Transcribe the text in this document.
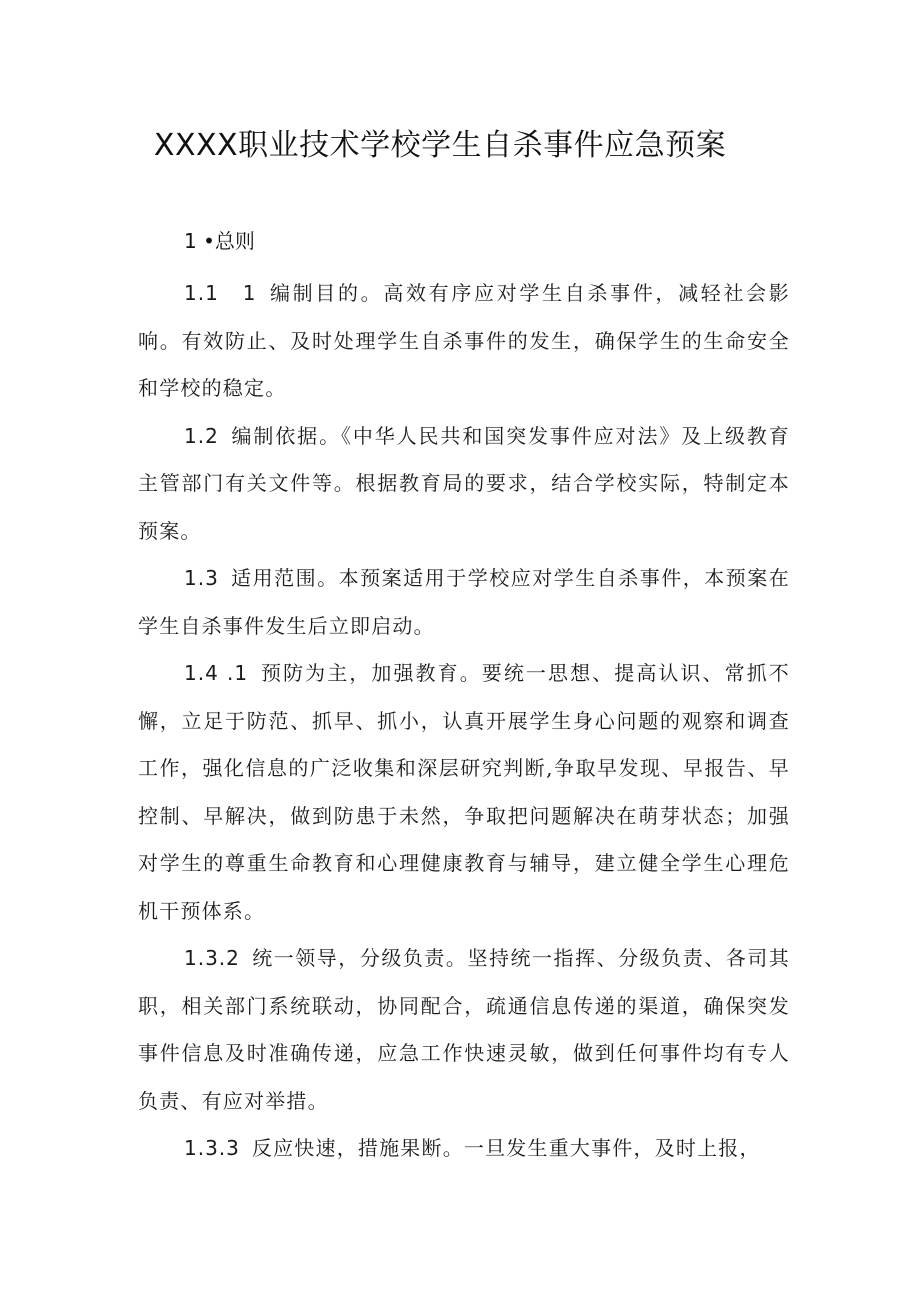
XXXX职业技术学校学生自杀事件应急预案
1 •总则

1.1　1 编制目的。高效有序应对学生自杀事件，减轻社会影响。有效防止、及时处理学生自杀事件的发生，确保学生的生命安全和学校的稳定。

1.2 编制依据。《中华人民共和国突发事件应对法》及上级教育主管部门有关文件等。根据教育局的要求，结合学校实际，特制定本预案。

1.3 适用范围。本预案适用于学校应对学生自杀事件，本预案在学生自杀事件发生后立即启动。

1.4 .1 预防为主，加强教育。要统一思想、提高认识、常抓不懈，立足于防范、抓早、抓小，认真开展学生身心问题的观察和调查工作，强化信息的广泛收集和深层研究判断,争取早发现、早报告、早控制、早解决，做到防患于未然，争取把问题解决在萌芽状态；加强对学生的尊重生命教育和心理健康教育与辅导，建立健全学生心理危机干预体系。

1.3.2 统一领导，分级负责。坚持统一指挥、分级负责、各司其职，相关部门系统联动，协同配合，疏通信息传递的渠道，确保突发事件信息及时准确传递，应急工作快速灵敏，做到任何事件均有专人负责、有应对举措。

1.3.3 反应快速，措施果断。一旦发生重大事件，及时上报，
